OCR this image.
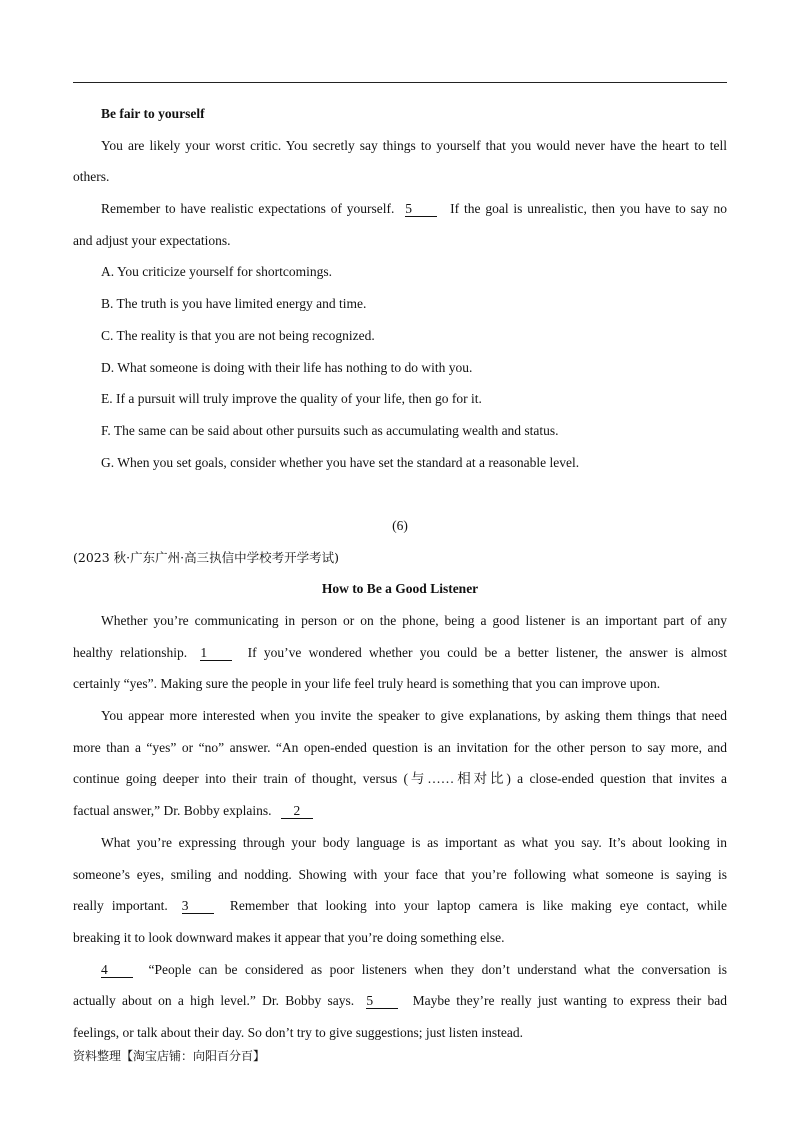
Be fair to yourself

You are likely your worst critic. You secretly say things to yourself that you would never have the heart to tell

others.

Remember to have realistic expectations of yourself. 5	If the goal is unrealistic, then you have to say no

and adjust your expectations.

A. You criticize yourself for shortcomings.

B. The truth is you have limited energy and time.

C. The reality is that you are not being recognized.

D. What someone is doing with their life has nothing to do with you.

E. If a pursuit will truly improve the quality of your life, then go for it.

F. The same can be said about other pursuits such as accumulating wealth and status.

G. When you set goals, consider whether you have set the standard at a reasonable level.

(6)

(2023 秋·广东广州·高三执信中学校考开学考试)

How to Be a Good Listener

Whether you’re communicating in person or on the phone, being a good listener is an important part of any

healthy relationship. 1	If you’ve wondered whether you could be a better listener, the answer is almost

certainly “yes”. Making sure the people in your life feel truly heard is something that you can improve upon.

You appear more interested when you invite the speaker to give explanations, by asking them things that need

more than a “yes” or “no” answer. “An open-ended question is an invitation for the other person to say more, and

continue going deeper into their train of thought, versus (与……相对比) a close-ended question that invites a

factual answer,” Dr. Bobby explains. 2

What you’re expressing through your body language is as important as what you say. It’s about looking in

someone’s eyes, smiling and nodding. Showing with your face that you’re following what someone is saying is

really important. 3	Remember that looking into your laptop camera is like making eye contact, while

breaking it to look downward makes it appear that you’re doing something else.

4	“People can be considered as poor listeners when they don’t understand what the conversation is

actually about on a high level.” Dr. Bobby says. 5	Maybe they’re really just wanting to express their bad

feelings, or talk about their day. So don’t try to give suggestions; just listen instead.

资料整理【淘宝店铺：向阳百分百】
